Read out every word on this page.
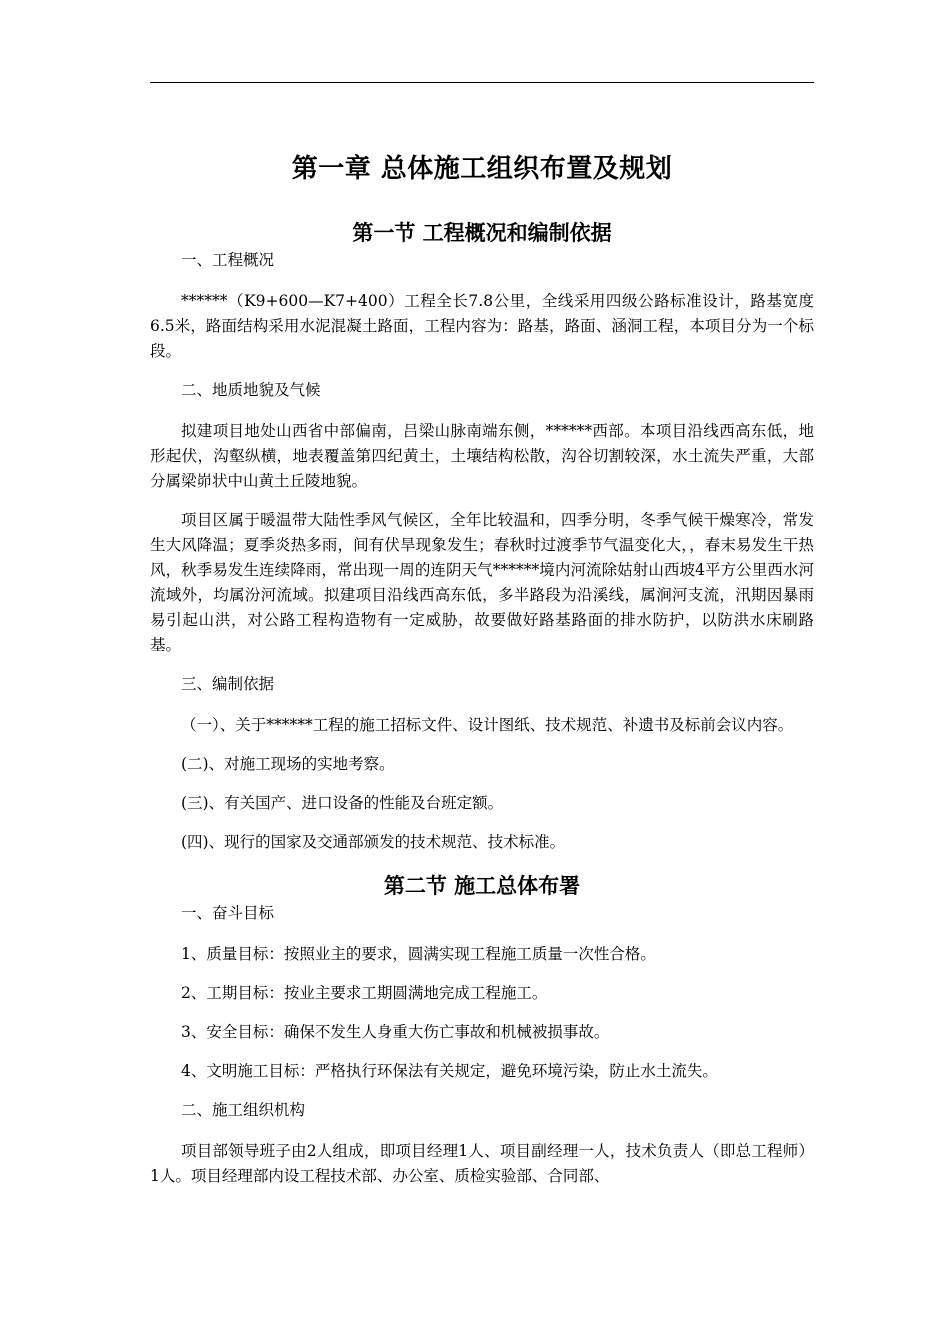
第一章 总体施工组织布置及规划
第一节 工程概况和编制依据

一、工程概况

******（K9+600—K7+400）工程全长7.8公里，全线采用四级公路标准设计，路基宽度6.5米，路面结构采用水泥混凝土路面，工程内容为：路基，路面、涵洞工程，本项目分为一个标段。

二、地质地貌及气候

拟建项目地处山西省中部偏南，吕梁山脉南端东侧，******西部。本项目沿线西高东低，地形起伏，沟壑纵横，地表覆盖第四纪黄土，土壤结构松散，沟谷切割较深，水土流失严重，大部分属梁峁状中山黄土丘陵地貌。

项目区属于暖温带大陆性季风气候区，全年比较温和，四季分明，冬季气候干燥寒冷，常发生大风降温；夏季炎热多雨，间有伏旱现象发生；春秋时过渡季节气温变化大，，春末易发生干热风，秋季易发生连续降雨，常出现一周的连阴天气******境内河流除姑射山西坡4平方公里西水河流域外，均属汾河流域。拟建项目沿线西高东低，多半路段为沿溪线，属涧河支流，汛期因暴雨易引起山洪，对公路工程构造物有一定威胁，故要做好路基路面的排水防护，以防洪水床刷路基。

三、编制依据

（一）、关于******工程的施工招标文件、设计图纸、技术规范、补遗书及标前会议内容。

(二)、对施工现场的实地考察。

(三)、有关国产、进口设备的性能及台班定额。

(四)、现行的国家及交通部颁发的技术规范、技术标准。

第二节 施工总体布署

一、奋斗目标

1、质量目标：按照业主的要求，圆满实现工程施工质量一次性合格。

2、工期目标：按业主要求工期圆满地完成工程施工。

3、安全目标：确保不发生人身重大伤亡事故和机械被损事故。

4、文明施工目标：严格执行环保法有关规定，避免环境污染，防止水土流失。

二、施工组织机构

项目部领导班子由2人组成，即项目经理1人、项目副经理一人，技术负责人（即总工程师）1人。项目经理部内设工程技术部、办公室、质检实验部、合同部、
